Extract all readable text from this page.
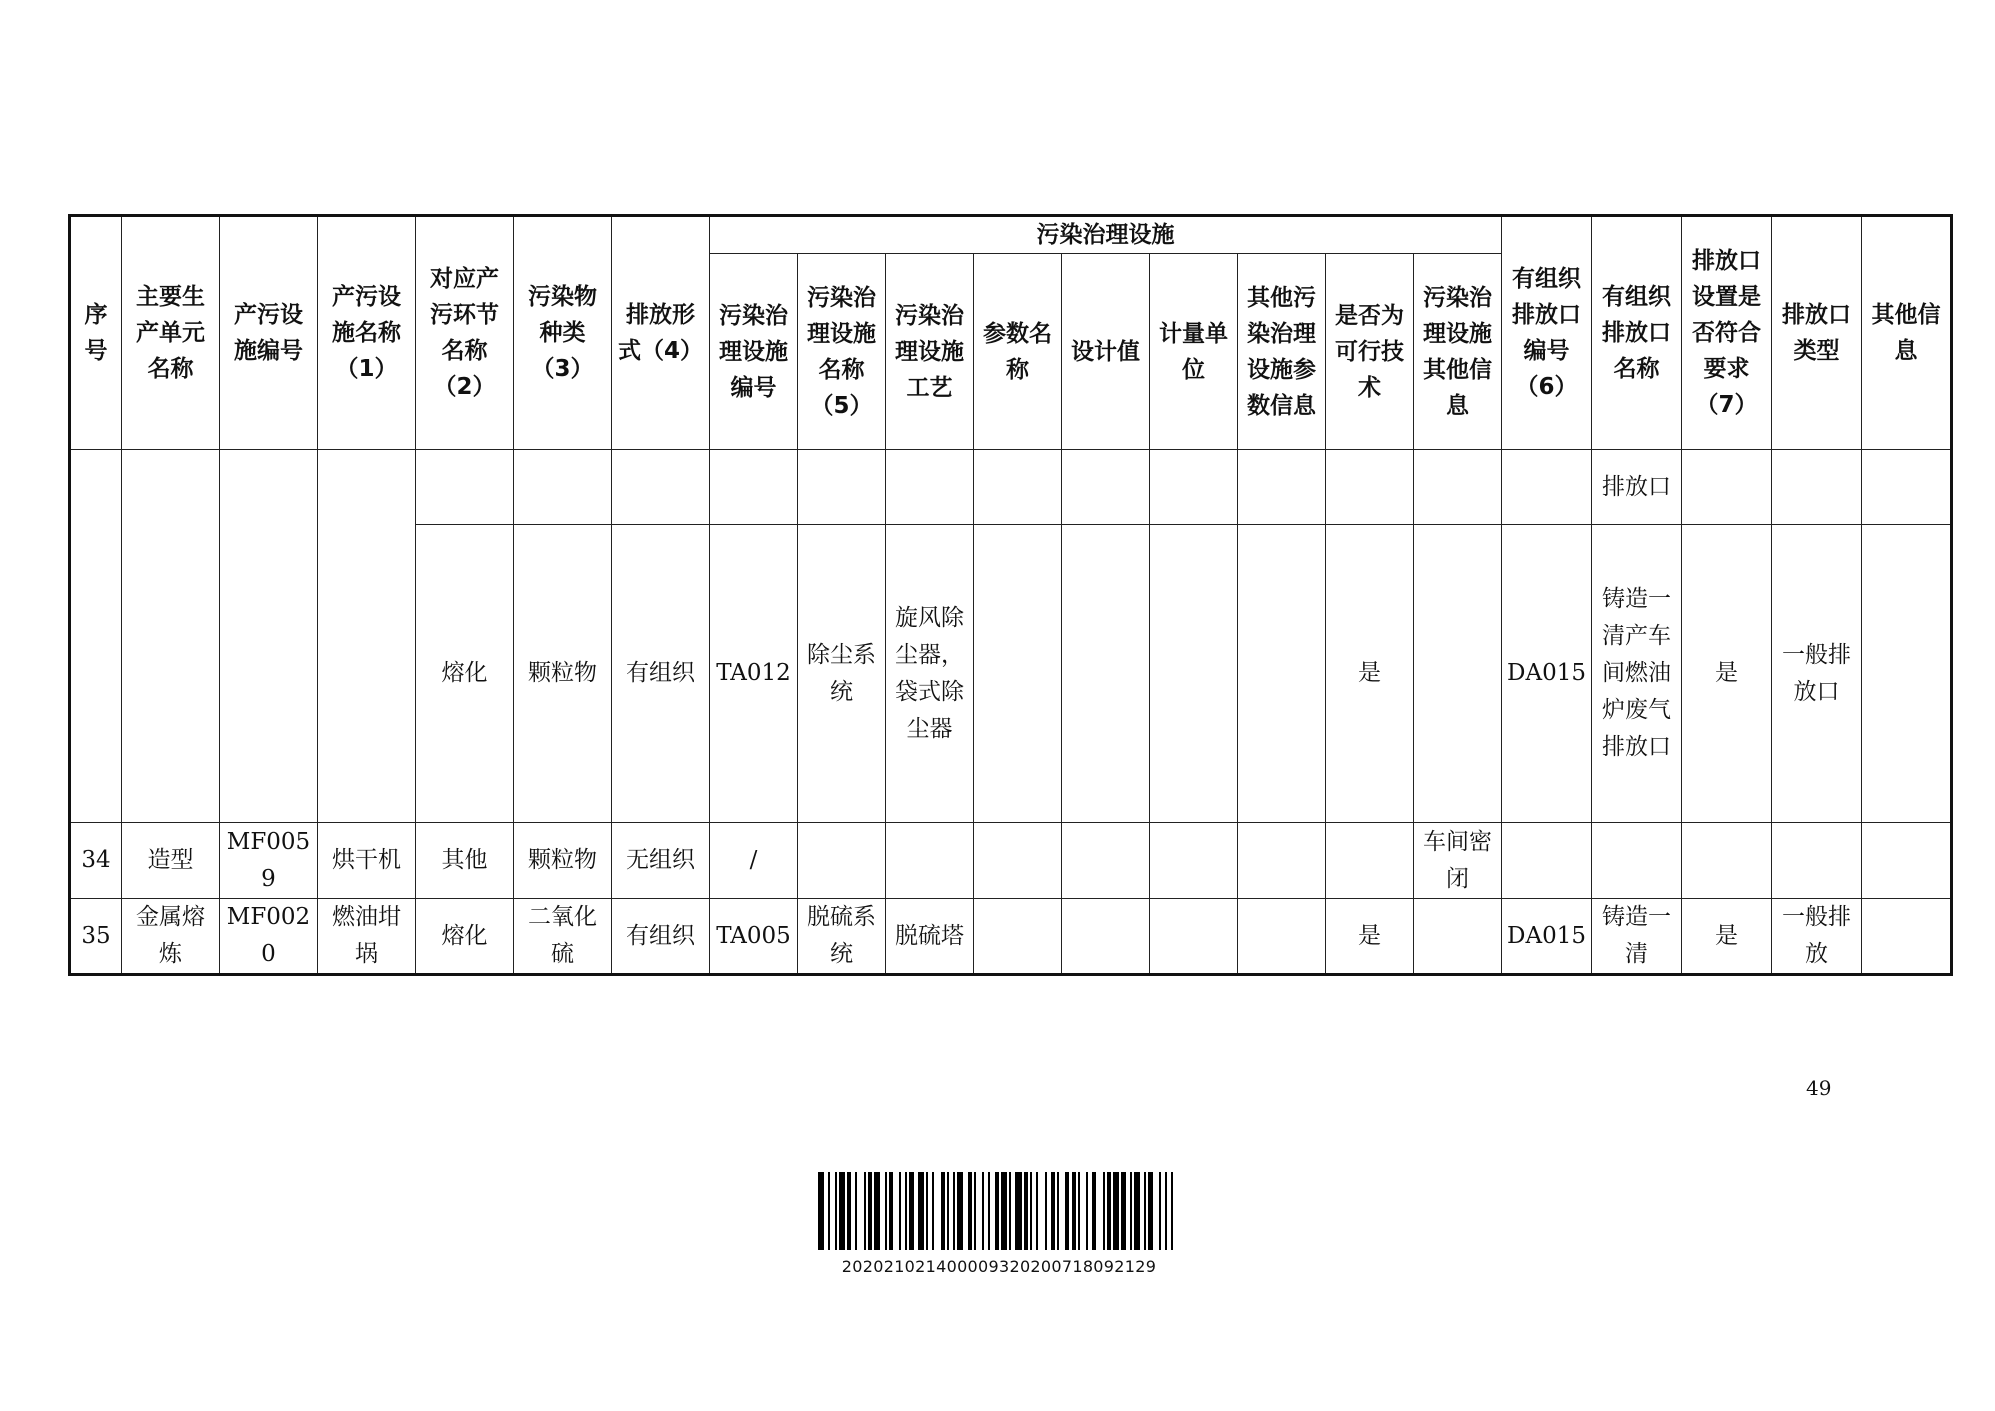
序号	主要生产单元名称	产污设施编号	产污设施名称（1）	对应产污环节名称（2）	污染物种类（3）	排放形式（4）	污染治理设施									有组织排放口编号（6）	有组织排放口名称	排放口设置是否符合要求（7）	排放口类型	其他信息
							污染治理设施编号	污染治理设施名称（5）	污染治理设施工艺	参数名称	设计值	计量单位	其他污染治理设施参数信息	是否为可行技术	污染治理设施其他信息					
																	排放口			
				熔化	颗粒物	有组织	TA012	除尘系统	旋风除尘器，袋式除尘器					是		DA015	铸造一清产车间燃油炉废气排放口	是	一般排放口	
34	造型	MF0059	烘干机	其他	颗粒物	无组织	/								车间密闭					
35	金属熔炼	MF0020	燃油坩埚	熔化	二氧化硫	有组织	TA005	脱硫系统	脱硫塔					是		DA015	铸造一清	是	一般排放	
49
20202102140000932020071809212​9
